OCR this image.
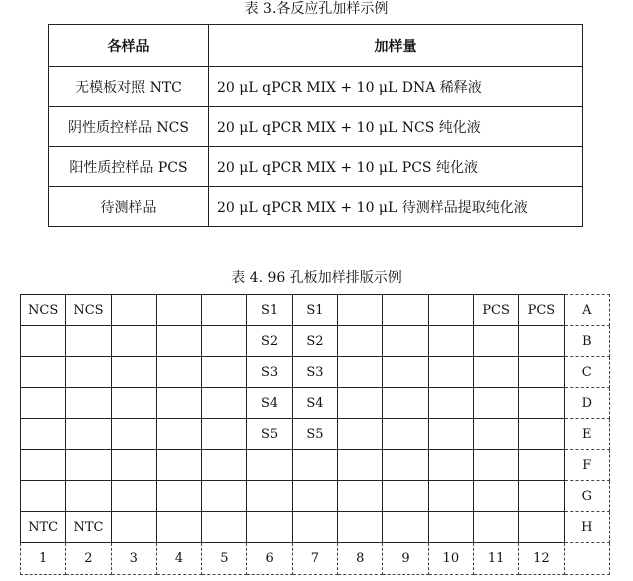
表 3.各反应孔加样示例
各样品	加样量
无模板对照 NTC	20 μL qPCR MIX + 10 μL DNA 稀释液
阴性质控样品 NCS	20 μL qPCR MIX + 10 μL NCS 纯化液
阳性质控样品 PCS	20 μL qPCR MIX + 10 μL PCS 纯化液
待测样品	20 μL qPCR MIX + 10 μL 待测样品提取纯化液
表 4. 96 孔板加样排版示例
NCS	NCS				S1	S1				PCS	PCS	A
					S2	S2						B
					S3	S3						C
					S4	S4						D
					S5	S5						E
												F
												G
NTC	NTC											H
1	2	3	4	5	6	7	8	9	10	11	12	
